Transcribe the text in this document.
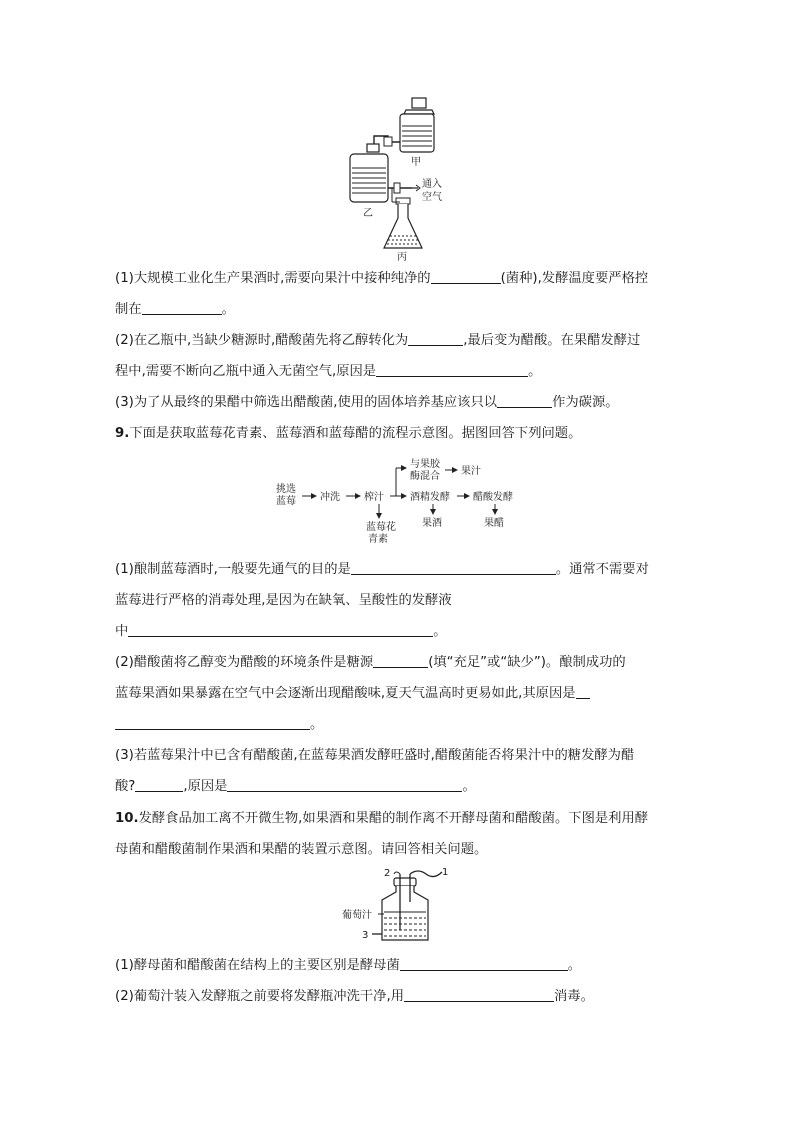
甲
乙
丙
通入
空气
(1)大规模工业化生产果酒时,需要向果汁中接种纯净的	(菌种),发酵温度要严格控
制在	。
(2)在乙瓶中,当缺少糖源时,醋酸菌先将乙醇转化为	,最后变为醋酸。在果醋发酵过
程中,需要不断向乙瓶中通入无菌空气,原因是	。
(3)为了从最终的果醋中筛选出醋酸菌,使用的固体培养基应该只以	作为碳源。
9.下面是获取蓝莓花青素、蓝莓酒和蓝莓醋的流程示意图。据图回答下列问题。
挑选
蓝莓 冲洗 榨汁
与果胶
酶混合 果汁
酒精发酵 醋酸发酵
蓝莓花
青素
果酒	果醋
(1)酿制蓝莓酒时,一般要先通气的目的是	。通常不需要对
蓝莓进行严格的消毒处理,是因为在缺氧、呈酸性的发酵液
中	。
(2)醋酸菌将乙醇变为醋酸的环境条件是糖源	(填“充足”或“缺少”)。酿制成功的
蓝莓果酒如果暴露在空气中会逐渐出现醋酸味,夏天气温高时更易如此,其原因是
。
(3)若蓝莓果汁中已含有醋酸菌,在蓝莓果酒发酵旺盛时,醋酸菌能否将果汁中的糖发酵为醋
酸?	,原因是	。
10.发酵食品加工离不开微生物,如果酒和果醋的制作离不开酵母菌和醋酸菌。下图是利用酵
母菌和醋酸菌制作果酒和果醋的装置示意图。请回答相关问题。
1
2
3
葡萄汁
(1)酵母菌和醋酸菌在结构上的主要区别是酵母菌	。
(2)葡萄汁装入发酵瓶之前要将发酵瓶冲洗干净,用	消毒。
